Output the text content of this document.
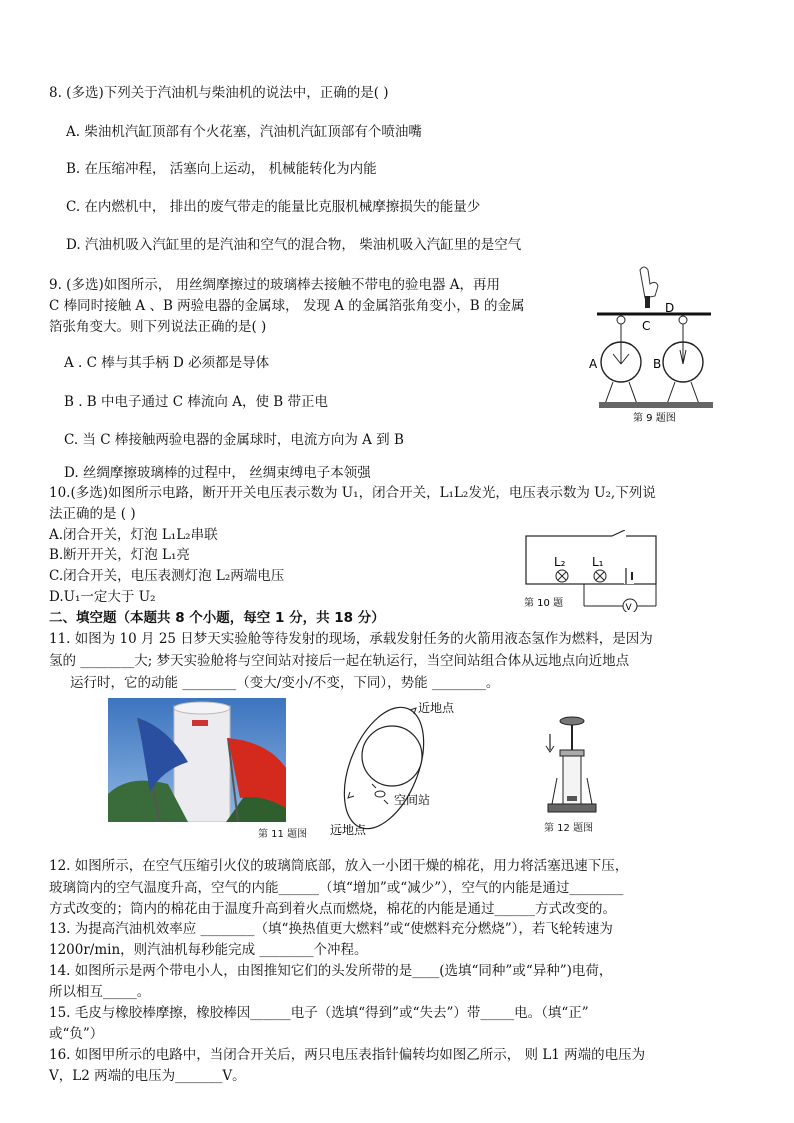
8. (多选)下列关于汽油机与柴油机的说法中，正确的是( )
A. 柴油机汽缸顶部有个火花塞，汽油机汽缸顶部有个喷油嘴
B. 在压缩冲程， 活塞向上运动， 机械能转化为内能
C. 在内燃机中， 排出的废气带走的能量比克服机械摩擦损失的能量少
D. 汽油机吸入汽缸里的是汽油和空气的混合物， 柴油机吸入汽缸里的是空气
9. (多选)如图所示， 用丝绸摩擦过的玻璃棒去接触不带电的验电器 A，再用
C 棒同时接触 A 、B 两验电器的金属球， 发现 A 的金属箔张角变小，B 的金属
箔张角变大。则下列说法正确的是( )
A . C 棒与其手柄 D 必须都是导体
B . B 中电子通过 C 棒流向 A，使 B 带正电
C. 当 C 棒接触两验电器的金属球时，电流方向为 A 到 B
D. 丝绸摩擦玻璃棒的过程中， 丝绸束缚电子本领强
D
C
A	B
第 9 题图
10.(多选)如图所示电路，断开开关电压表示数为 U₁，闭合开关，L₁L₂发光，电压表示数为 U₂,下列说
法正确的是 ( )
A.闭合开关，灯泡 L₁L₂串联
B.断开开关，灯泡 L₁亮
C.闭合开关，电压表测灯泡 L₂两端电压
D.U₁一定大于 U₂
L₂ L₁
V
第 10 题
二、填空题（本题共 8 个小题，每空 1 分，共 18 分）
11. 如图为 10 月 25 日梦天实验舱等待发射的现场，承载发射任务的火箭用液态氢作为燃料，是因为
氢的 ________大; 梦天实验舱将与空间站对接后一起在轨运行，当空间站组合体从远地点向近地点
运行时，它的动能 ________（变大/变小/不变，下同），势能 ________。
第 11 题图
近地点
空间站
远地点	第 12 题图
12. 如图所示，在空气压缩引火仪的玻璃筒底部，放入一小团干燥的棉花，用力将活塞迅速下压，
玻璃筒内的空气温度升高，空气的内能______（填“增加”或“减少”），空气的内能是通过________
方式改变的；筒内的棉花由于温度升高到着火点而燃烧，棉花的内能是通过______方式改变的。
13. 为提高汽油机效率应 ________（填“换热值更大燃料”或“使燃料充分燃烧”），若飞轮转速为
1200r/min，则汽油机每秒能完成 ________个冲程。
14. 如图所示是两个带电小人，由图推知它们的头发所带的是____(选填“同种”或“异种”)电荷，
所以相互_____。
15. 毛皮与橡胶棒摩擦，橡胶棒因______电子（选填“得到”或“失去”）带_____电。（填“正”
或“负”）
16. 如图甲所示的电路中，当闭合开关后，两只电压表指针偏转均如图乙所示， 则 L1 两端的电压为
V，L2 两端的电压为_______V。
